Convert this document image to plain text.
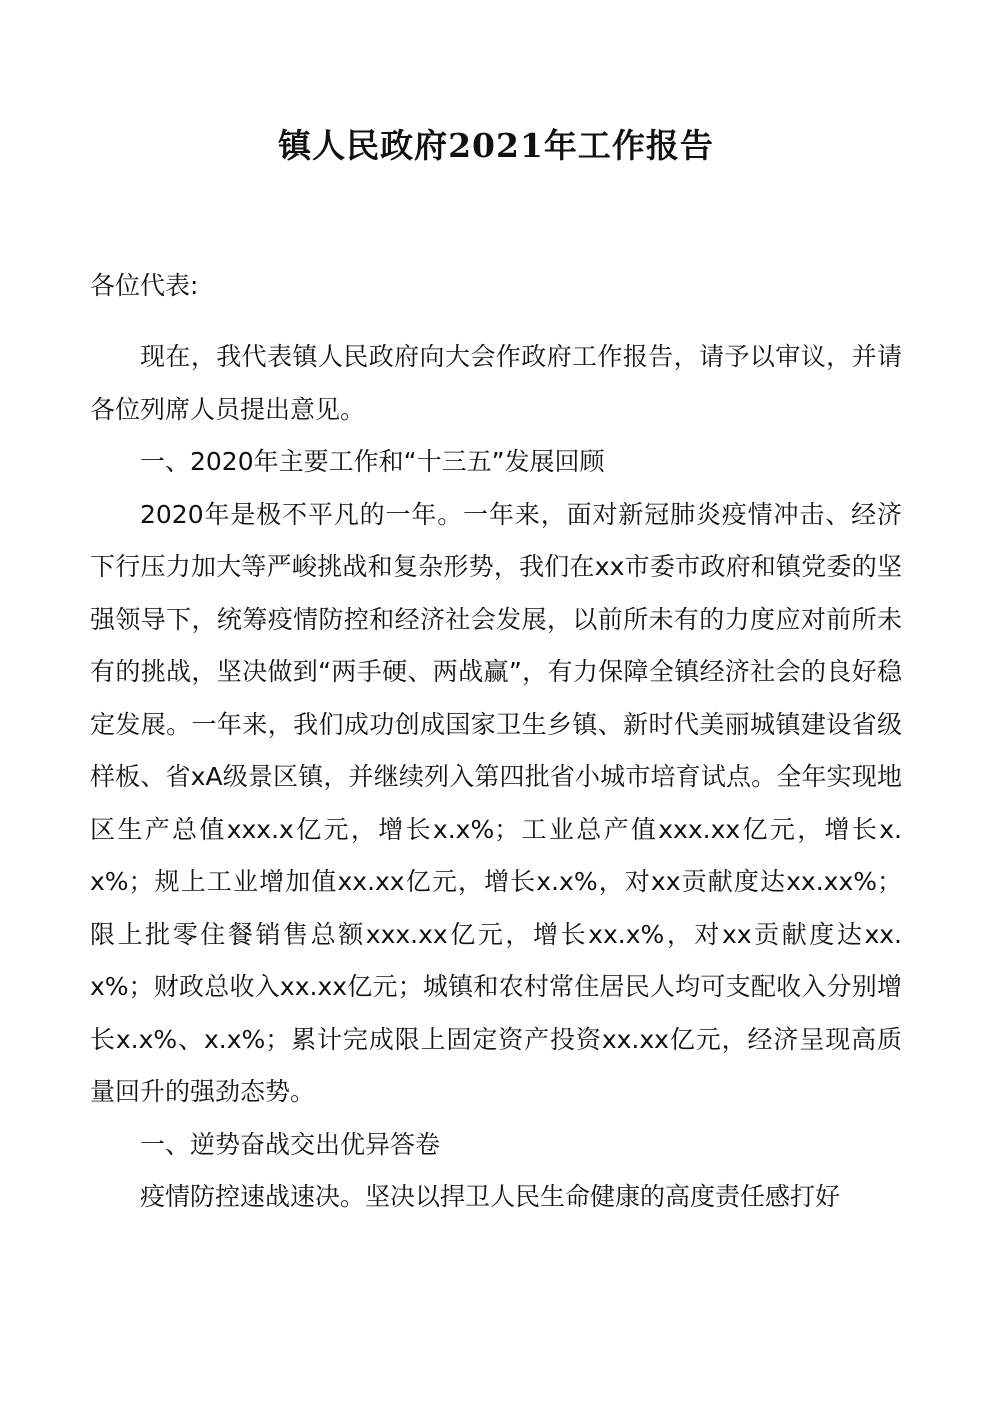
镇人民政府2021年工作报告
各位代表:

现在，我代表镇人民政府向大会作政府工作报告，请予以审议，并请各位列席人员提出意见。

一、2020年主要工作和“十三五”发展回顾

2020年是极不平凡的一年。一年来，面对新冠肺炎疫情冲击、经济下行压力加大等严峻挑战和复杂形势，我们在xx市委市政府和镇党委的坚强领导下，统筹疫情防控和经济社会发展，以前所未有的力度应对前所未有的挑战，坚决做到“两手硬、两战赢”，有力保障全镇经济社会的良好稳定发展。一年来，我们成功创成国家卫生乡镇、新时代美丽城镇建设省级样板、省xA级景区镇，并继续列入第四批省小城市培育试点。全年实现地区生产总值xxx.x亿元，增长x.x%；工业总产值xxx.xx亿元，增长x.x%；规上工业增加值xx.xx亿元，增长x.x%，对xx贡献度达xx.xx%；限上批零住餐销售总额xxx.xx亿元，增长xx.x%，对xx贡献度达xx.x%；财政总收入xx.xx亿元；城镇和农村常住居民人均可支配收入分别增长x.x%、x.x%；累计完成限上固定资产投资xx.xx亿元，经济呈现高质量回升的强劲态势。

一、逆势奋战交出优异答卷

疫情防控速战速决。坚决以捍卫人民生命健康的高度责任感打好
